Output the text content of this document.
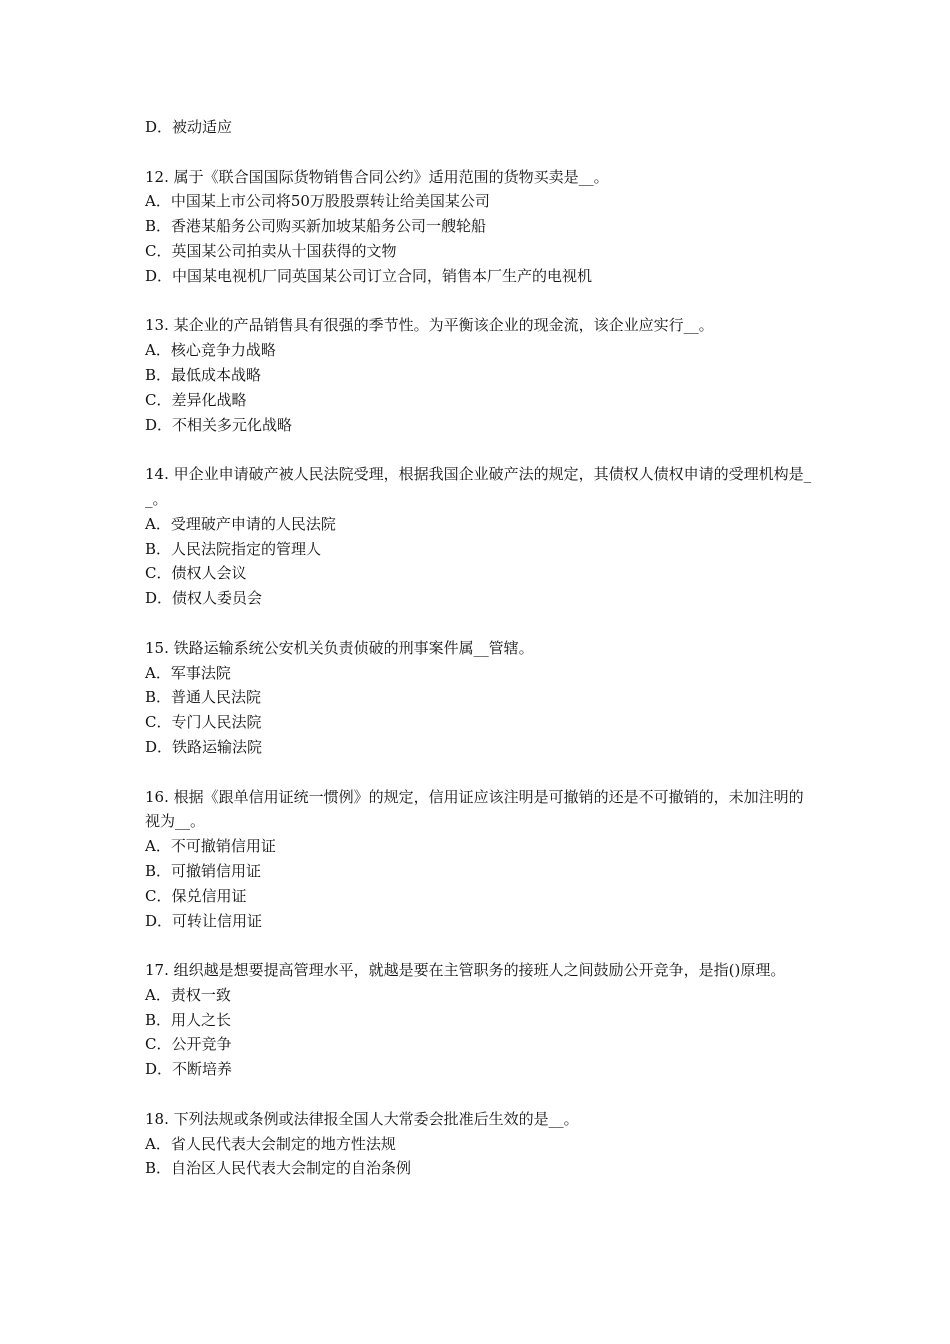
D．被动适应

12. 属于《联合国国际货物销售合同公约》适用范围的货物买卖是__。

A．中国某上市公司将50万股股票转让给美国某公司

B．香港某船务公司购买新加坡某船务公司一艘轮船

C．英国某公司拍卖从十国获得的文物

D．中国某电视机厂同英国某公司订立合同，销售本厂生产的电视机

13. 某企业的产品销售具有很强的季节性。为平衡该企业的现金流，该企业应实行__。

A．核心竞争力战略

B．最低成本战略

C．差异化战略

D．不相关多元化战略

14. 甲企业申请破产被人民法院受理，根据我国企业破产法的规定，其债权人债权申请的受理机构是__。

A．受理破产申请的人民法院

B．人民法院指定的管理人

C．债权人会议

D．债权人委员会

15. 铁路运输系统公安机关负责侦破的刑事案件属__管辖。

A．军事法院

B．普通人民法院

C．专门人民法院

D．铁路运输法院

16. 根据《跟单信用证统一惯例》的规定，信用证应该注明是可撤销的还是不可撤销的，未加注明的视为__。

A．不可撤销信用证

B．可撤销信用证

C．保兑信用证

D．可转让信用证

17. 组织越是想要提高管理水平，就越是要在主管职务的接班人之间鼓励公开竞争，是指()原理。

A．责权一致

B．用人之长

C．公开竞争

D．不断培养

18. 下列法规或条例或法律报全国人大常委会批准后生效的是__。

A．省人民代表大会制定的地方性法规

B．自治区人民代表大会制定的自治条例
